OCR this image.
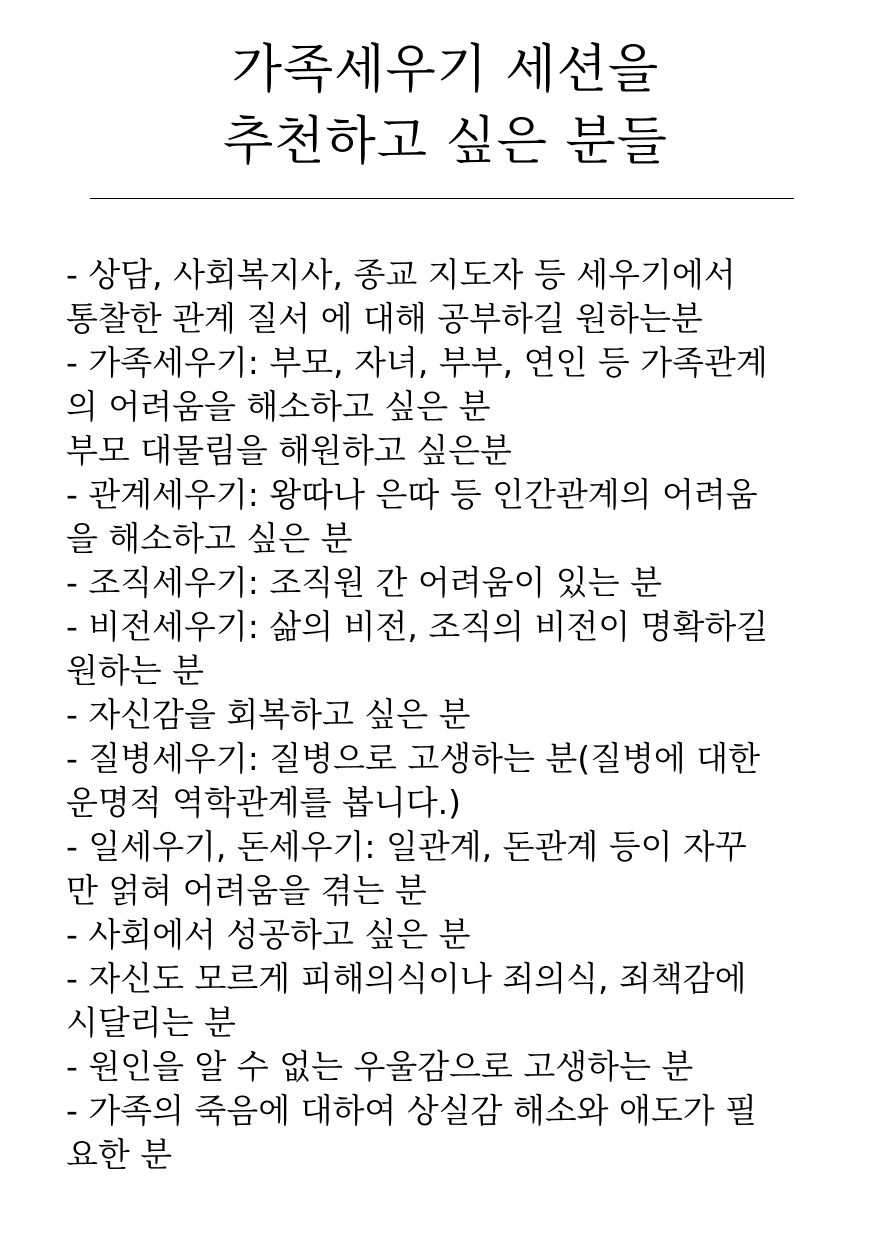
가족세우기 세션을
추천하고 싶은 분들
- 상담, 사회복지사, 종교 지도자 등 세우기에서
통찰한 관계 질서 에 대해 공부하길 원하는분
- 가족세우기: 부모, 자녀, 부부, 연인 등 가족관계
의 어려움을 해소하고 싶은 분
부모 대물림을 해원하고 싶은분
- 관계세우기: 왕따나 은따 등 인간관계의 어려움
을 해소하고 싶은 분
- 조직세우기: 조직원 간 어려움이 있는 분
- 비전세우기: 삶의 비전, 조직의 비전이 명확하길
원하는 분
- 자신감을 회복하고 싶은 분
- 질병세우기: 질병으로 고생하는 분(질병에 대한
운명적 역학관계를 봅니다.)
- 일세우기, 돈세우기: 일관계, 돈관계 등이 자꾸
만 얽혀 어려움을 겪는 분
- 사회에서 성공하고 싶은 분
- 자신도 모르게 피해의식이나 죄의식, 죄책감에
시달리는 분
- 원인을 알 수 없는 우울감으로 고생하는 분
- 가족의 죽음에 대하여 상실감 해소와 애도가 필
요한 분
